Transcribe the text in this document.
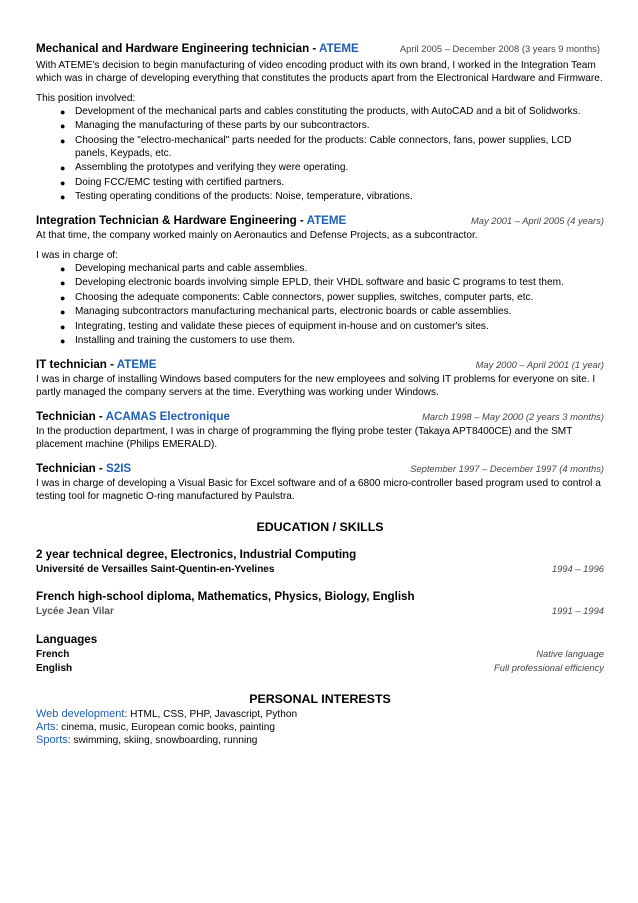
Mechanical and Hardware Engineering technician - ATEME	April 2005 – December 2008 (3 years 9 months)

With ATEME's decision to begin manufacturing of video encoding product with its own brand, I worked in the Integration Team which was in charge of developing everything that constitutes the products apart from the Electronical Hardware and Firmware.

This position involved:

● Development of the mechanical parts and cables constituting the products, with AutoCAD and a bit of Solidworks.
● Managing the manufacturing of these parts by our subcontractors.
● Choosing the "electro-mechanical" parts needed for the products: Cable connectors, fans, power supplies, LCD panels, Keypads, etc.
● Assembling the prototypes and verifying they were operating.
● Doing FCC/EMC testing with certified partners.
● Testing operating conditions of the products: Noise, temperature, vibrations.
Integration Technician & Hardware Engineering - ATEME	May 2001 – April 2005 (4 years)

At that time, the company worked mainly on Aeronautics and Defense Projects, as a subcontractor.

I was in charge of:

● Developing mechanical parts and cable assemblies.
● Developing electronic boards involving simple EPLD, their VHDL software and basic C programs to test them.
● Choosing the adequate components: Cable connectors, power supplies, switches, computer parts, etc.
● Managing subcontractors manufacturing mechanical parts, electronic boards or cable assemblies.
● Integrating, testing and validate these pieces of equipment in-house and on customer's sites.
● Installing and training the customers to use them.
IT technician - ATEME	May 2000 – April 2001 (1 year)

I was in charge of installing Windows based computers for the new employees and solving IT problems for everyone on site. I partly managed the company servers at the time. Everything was working under Windows.

Technician - ACAMAS Electronique	March 1998 – May 2000 (2 years 3 months)

In the production department, I was in charge of programming the flying probe tester (Takaya APT8400CE) and the SMT placement machine (Philips EMERALD).

Technician - S2IS	September 1997 – December 1997 (4 months)

I was in charge of developing a Visual Basic for Excel software and of a 6800 micro-controller based program used to control a testing tool for magnetic O-ring manufactured by Paulstra.

EDUCATION / SKILLS

2 year technical degree, Electronics, Industrial Computing

Université de Versailles Saint-Quentin-en-Yvelines	1994 – 1996

French high-school diploma, Mathematics, Physics, Biology, English

Lycée Jean Vilar	1991 – 1994

Languages

French	Native language
English	Full professional efficiency
PERSONAL INTERESTS
Web development: HTML, CSS, PHP, Javascript, Python
Arts: cinema, music, European comic books, painting
Sports: swimming, skiing, snowboarding, running
